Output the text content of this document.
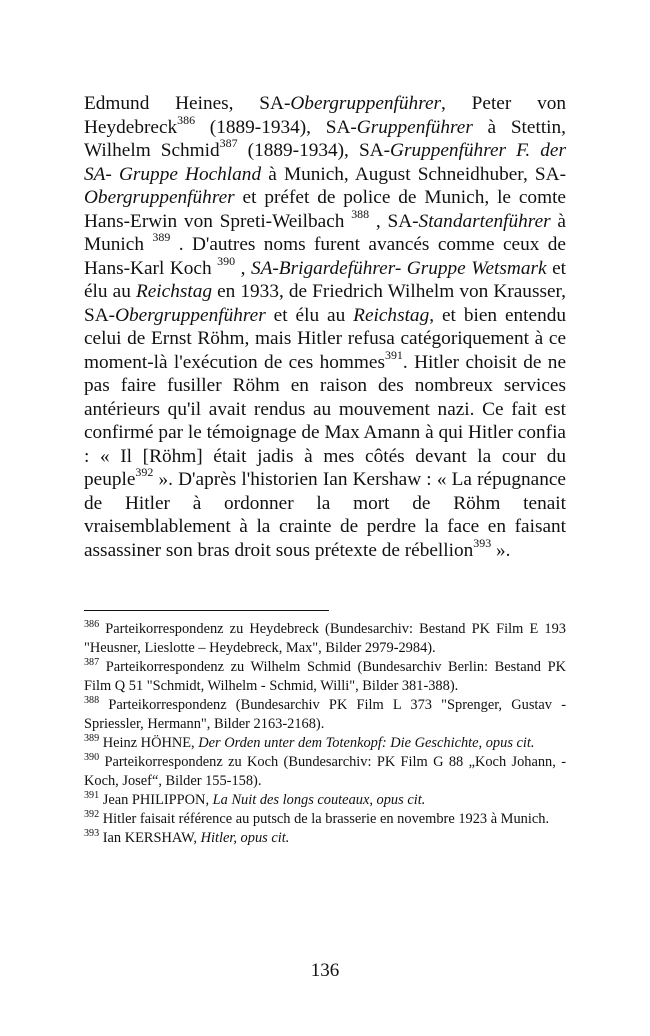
Edmund Heines, SA-Obergruppenführer, Peter von Heydebreck$^{386}$ (1889-1934), SA-Gruppenführer à Stettin, Wilhelm Schmid$^{387}$ (1889-1934), SA-Gruppenführer F. der SA- Gruppe Hochland à Munich, August Schneidhuber, SA- Obergruppenführer et préfet de police de Munich, le comte Hans-Erwin von Spreti-Weilbach $^{388}$ , SA-Standartenführer à Munich $^{389}$ . D'autres noms furent avancés comme ceux de Hans-Karl Koch $^{390}$ , SA-Brigardeführer- Gruppe Wetsmark et élu au Reichstag en 1933, de Friedrich Wilhelm von Krausser, SA-Obergruppenführer et élu au Reichstag, et bien entendu celui de Ernst Röhm, mais Hitler refusa catégoriquement à ce moment-là l'exécution de ces hommes$^{391}$. Hitler choisit de ne pas faire fusiller Röhm en raison des nombreux services antérieurs qu'il avait rendus au mouvement nazi. Ce fait est confirmé par le témoignage de Max Amann à qui Hitler confia : « Il [Röhm] était jadis à mes côtés devant la cour du peuple$^{392}$ ». D'après l'historien Ian Kershaw : « La répugnance de Hitler à ordonner la mort de Röhm tenait vraisemblablement à la crainte de perdre la face en faisant assassiner son bras droit sous prétexte de rébellion$^{393}$ ».

$^{386}$ Parteikorrespondenz zu Heydebreck (Bundesarchiv: Bestand PK Film E 193 "Heusner, Lieslotte – Heydebreck, Max", Bilder 2979-2984).

$^{387}$ Parteikorrespondenz zu Wilhelm Schmid (Bundesarchiv Berlin: Bestand PK Film Q 51 "Schmidt, Wilhelm - Schmid, Willi", Bilder 381-388).

$^{388}$ Parteikorrespondenz (Bundesarchiv PK Film L 373 "Sprenger, Gustav - Spriessler, Hermann", Bilder 2163-2168).

$^{389}$ Heinz HÖHNE, Der Orden unter dem Totenkopf: Die Geschichte, opus cit.

$^{390}$ Parteikorrespondenz zu Koch (Bundesarchiv: PK Film G 88 „Koch Johann, - Koch, Josef“, Bilder 155-158).

$^{391}$ Jean PHILIPPON, La Nuit des longs couteaux, opus cit.

$^{392}$ Hitler faisait référence au putsch de la brasserie en novembre 1923 à Munich.

$^{393}$ Ian KERSHAW, Hitler, opus cit.

136
